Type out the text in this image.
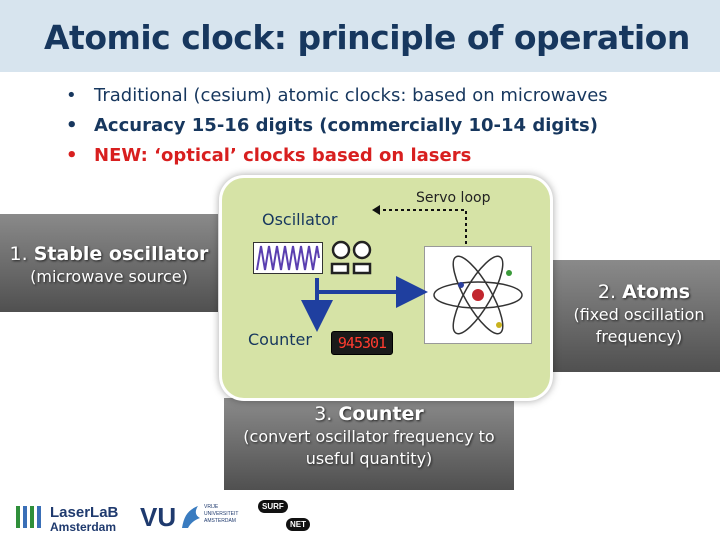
Atomic clock: principle of operation
• Traditional (cesium) atomic clocks: based on microwaves
• Accuracy 15-16 digits (commercially 10-14 digits)
• NEW: ‘optical’ clocks based on lasers
1. Stable oscillator
(microwave source)
2. Atoms
(fixed oscillation
frequency)
3. Counter
(convert oscillator frequency to
useful quantity)
Oscillator
Servo loop
Counter	945301
LaserLaB
Amsterdam VU	VRIJE
UNIVERSITEIT
AMSTERDAM
SURF
NET
